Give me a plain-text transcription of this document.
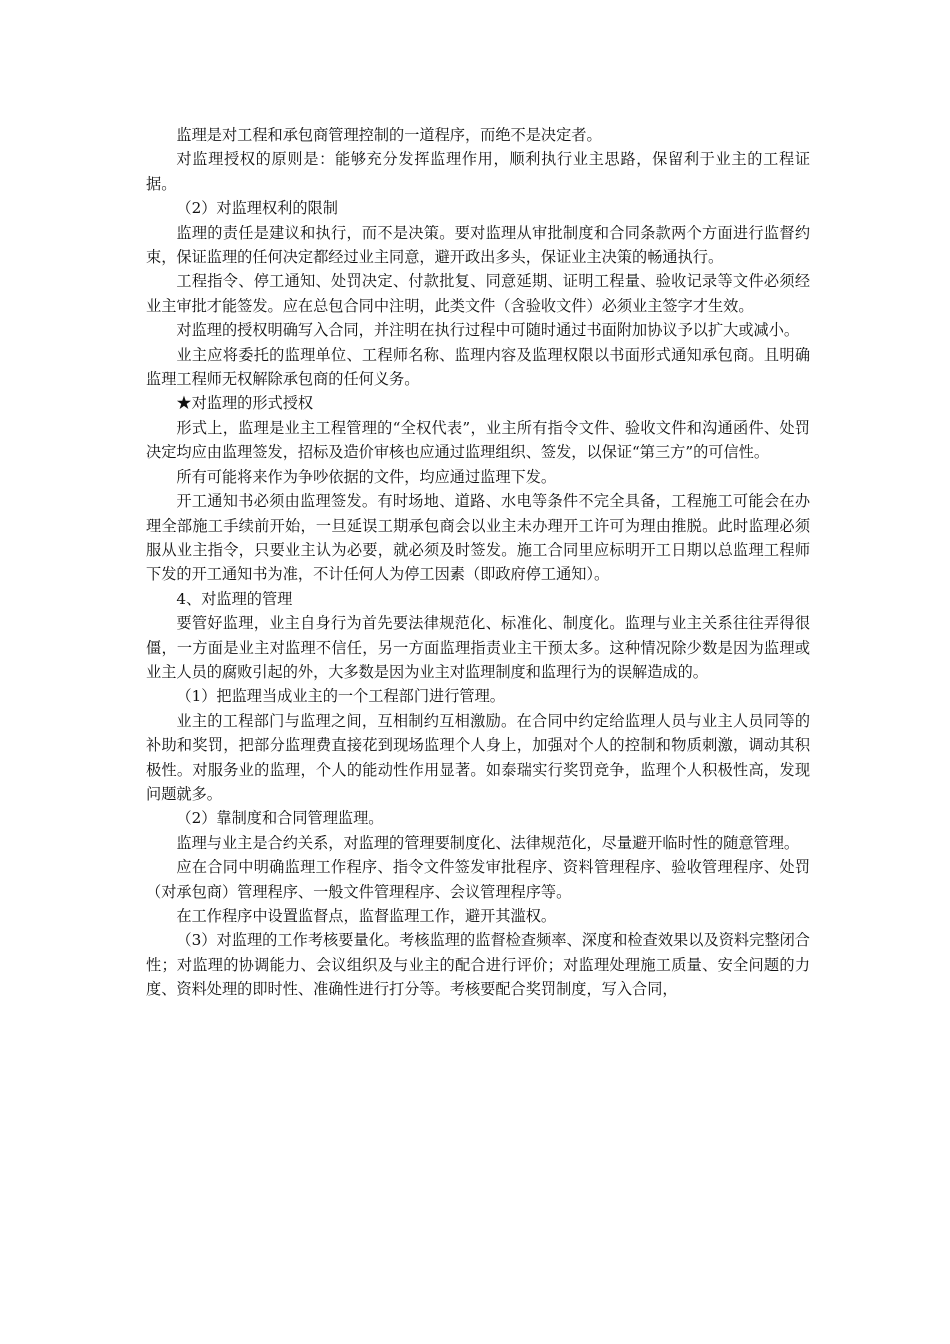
监理是对工程和承包商管理控制的一道程序，而绝不是决定者。

对监理授权的原则是：能够充分发挥监理作用，顺利执行业主思路，保留利于业主的工程证据。

（2）对监理权利的限制

监理的责任是建议和执行，而不是决策。要对监理从审批制度和合同条款两个方面进行监督约束，保证监理的任何决定都经过业主同意，避开政出多头，保证业主决策的畅通执行。

工程指令、停工通知、处罚决定、付款批复、同意延期、证明工程量、验收记录等文件必须经业主审批才能签发。应在总包合同中注明，此类文件（含验收文件）必须业主签字才生效。

对监理的授权明确写入合同，并注明在执行过程中可随时通过书面附加协议予以扩大或减小。

业主应将委托的监理单位、工程师名称、监理内容及监理权限以书面形式通知承包商。且明确监理工程师无权解除承包商的任何义务。

★对监理的形式授权

形式上，监理是业主工程管理的“全权代表”，业主所有指令文件、验收文件和沟通函件、处罚决定均应由监理签发，招标及造价审核也应通过监理组织、签发，以保证“第三方”的可信性。

所有可能将来作为争吵依据的文件，均应通过监理下发。

开工通知书必须由监理签发。有时场地、道路、水电等条件不完全具备，工程施工可能会在办理全部施工手续前开始，一旦延误工期承包商会以业主未办理开工许可为理由推脱。此时监理必须服从业主指令，只要业主认为必要，就必须及时签发。施工合同里应标明开工日期以总监理工程师下发的开工通知书为准，不计任何人为停工因素（即政府停工通知）。

4、对监理的管理

要管好监理，业主自身行为首先要法律规范化、标准化、制度化。监理与业主关系往往弄得很僵，一方面是业主对监理不信任，另一方面监理指责业主干预太多。这种情况除少数是因为监理或业主人员的腐败引起的外，大多数是因为业主对监理制度和监理行为的误解造成的。

（1）把监理当成业主的一个工程部门进行管理。

业主的工程部门与监理之间，互相制约互相激励。在合同中约定给监理人员与业主人员同等的补助和奖罚，把部分监理费直接花到现场监理个人身上，加强对个人的控制和物质刺激，调动其积极性。对服务业的监理，个人的能动性作用显著。如泰瑞实行奖罚竞争，监理个人积极性高，发现问题就多。

（2）靠制度和合同管理监理。

监理与业主是合约关系，对监理的管理要制度化、法律规范化，尽量避开临时性的随意管理。

应在合同中明确监理工作程序、指令文件签发审批程序、资料管理程序、验收管理程序、处罚（对承包商）管理程序、一般文件管理程序、会议管理程序等。

在工作程序中设置监督点，监督监理工作，避开其滥权。

（3）对监理的工作考核要量化。考核监理的监督检查频率、深度和检查效果以及资料完整闭合性；对监理的协调能力、会议组织及与业主的配合进行评价；对监理处理施工质量、安全问题的力度、资料处理的即时性、准确性进行打分等。考核要配合奖罚制度，写入合同，
